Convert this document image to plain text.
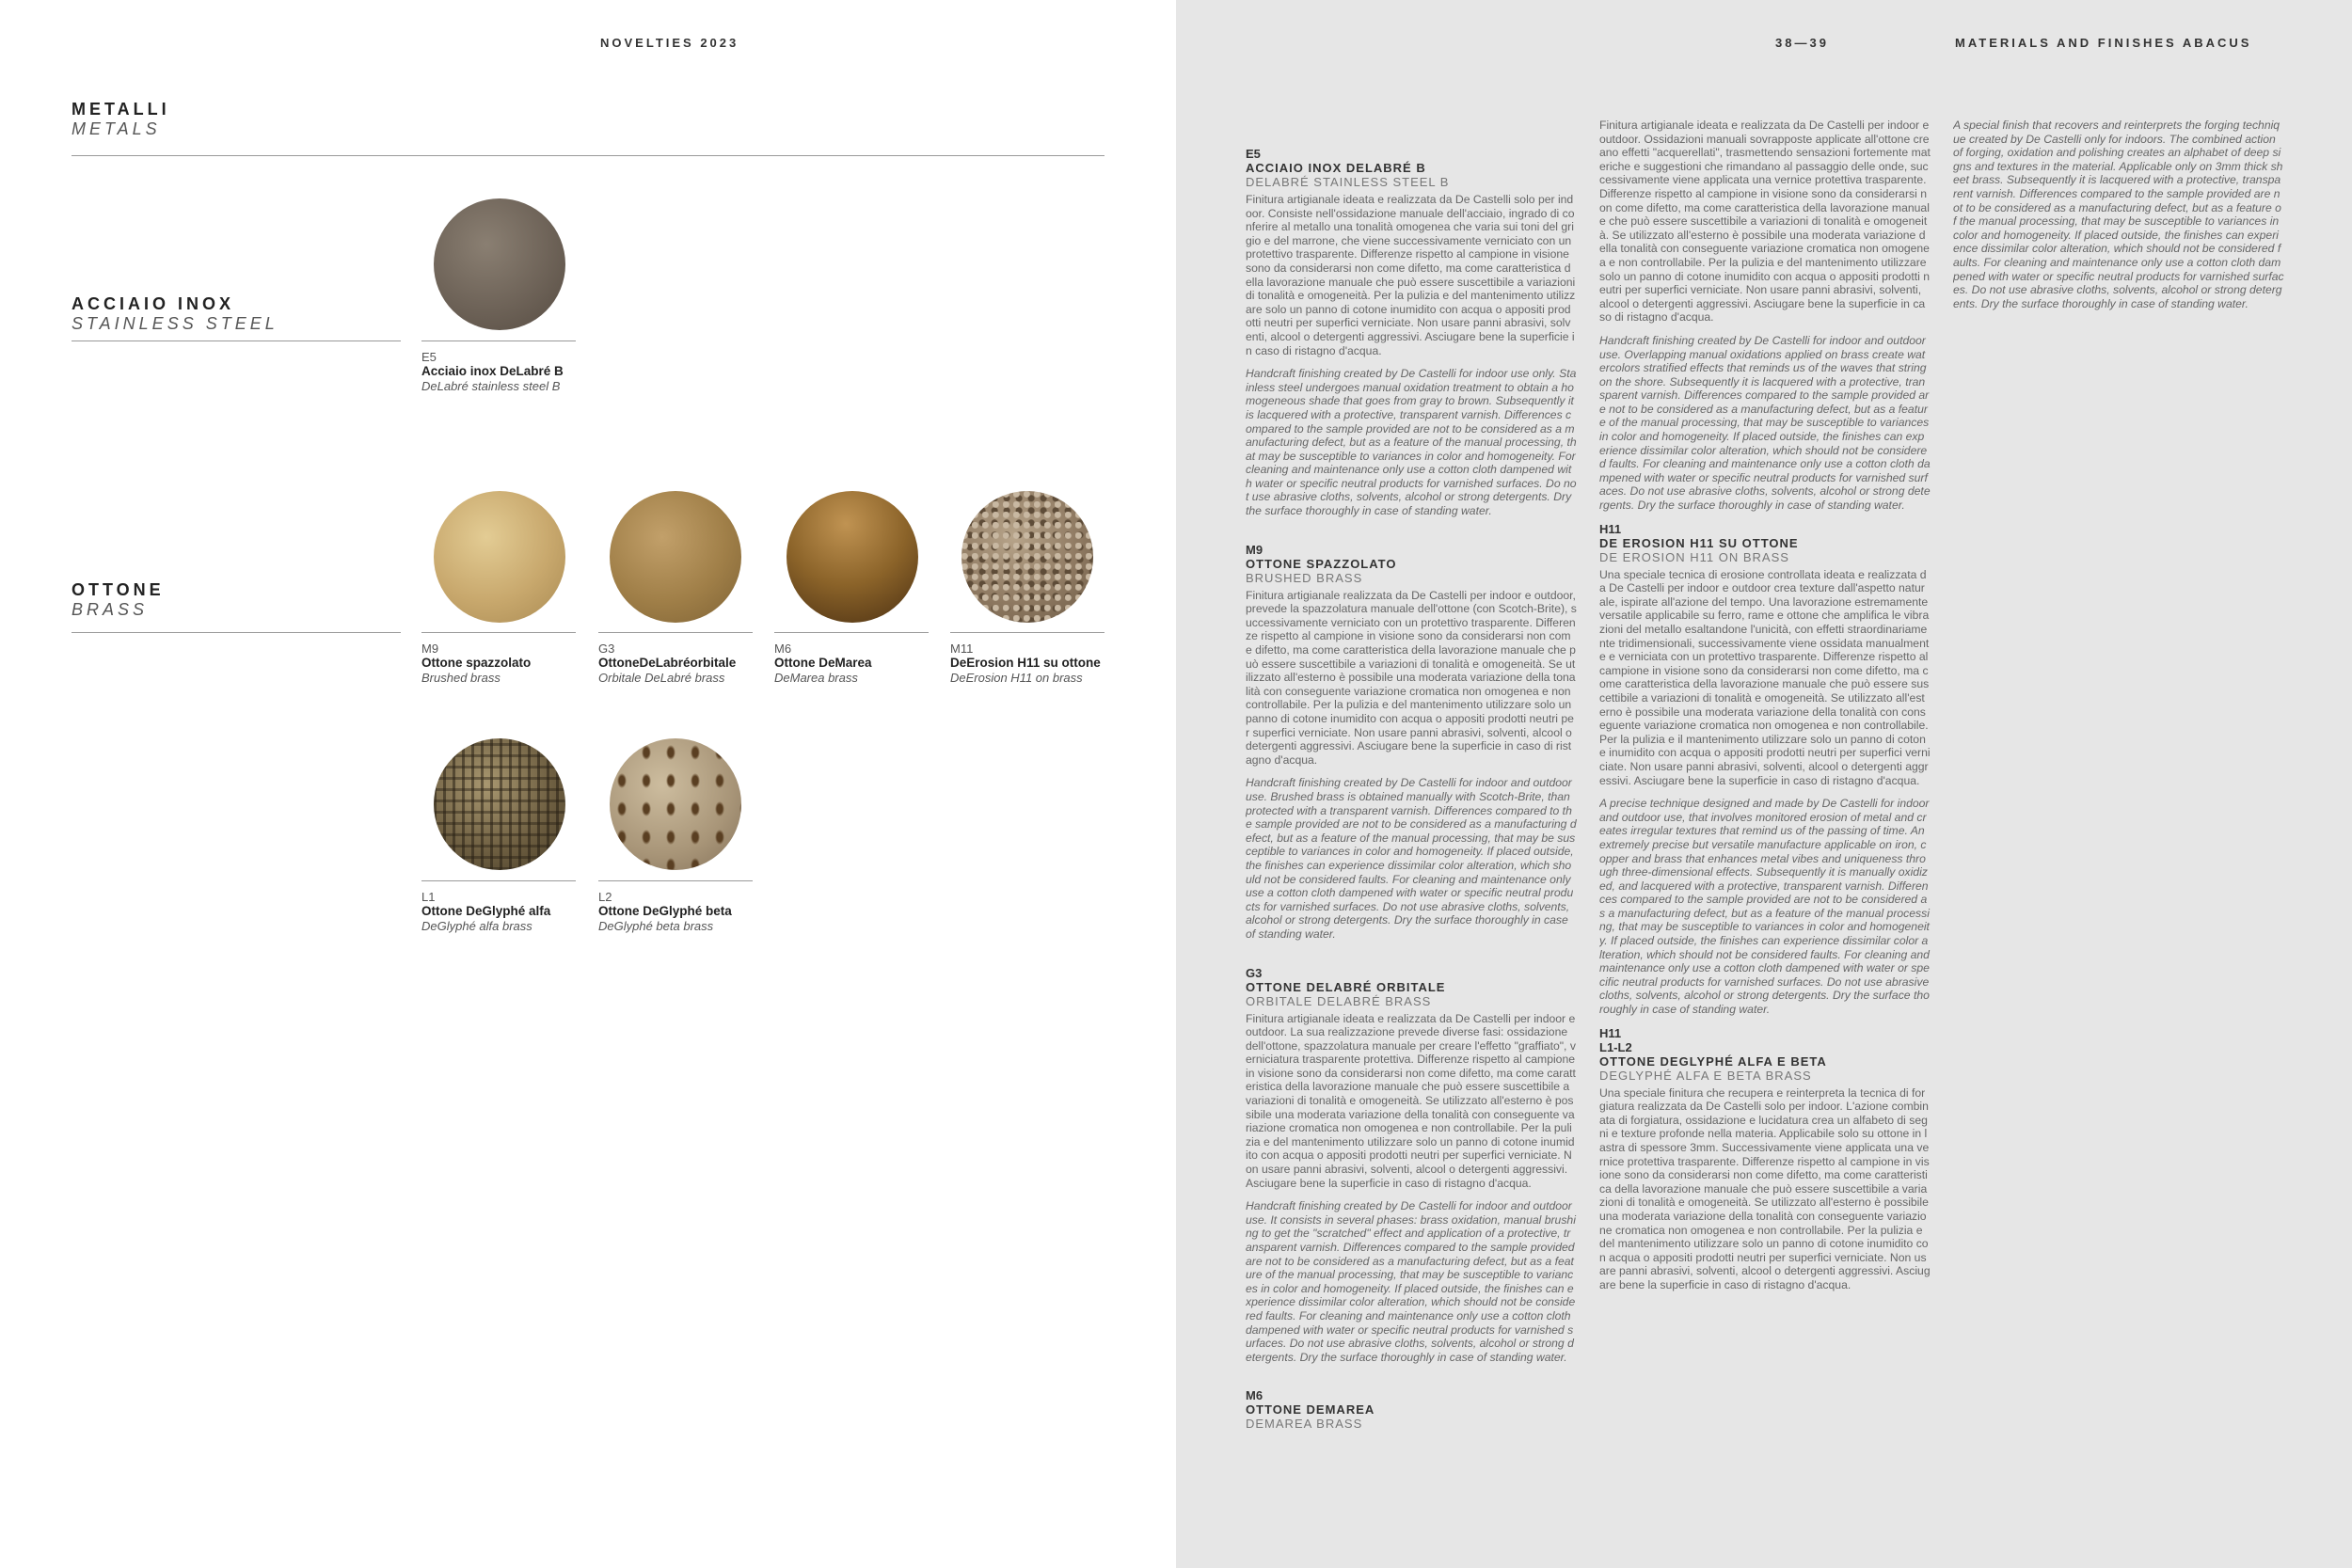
NOVELTIES 2023
METALLI
METALS
ACCIAIO INOX
STAINLESS STEEL
E5
Acciaio inox DeLabré B
DeLabré stainless steel B
OTTONE
BRASS
M9
Ottone spazzolato
Brushed brass
G3
OttoneDeLabréorbitale
Orbitale DeLabré brass
M6
Ottone DeMarea
DeMarea brass
M11
DeErosion H11 su ottone
DeErosion H11 on brass
L1
Ottone DeGlyphé alfa
DeGlyphé alfa brass
L2
Ottone DeGlyphé beta
DeGlyphé beta brass
38—39	MATERIALS AND FINISHES ABACUS
E5
ACCIAIO INOX DELABRÉ B
DELABRÉ STAINLESS STEEL B

Finitura artigianale ideata e realizzata da De Castelli solo per indoor. Consiste nell'ossidazione manuale dell'acciaio, ingrado di conferire al metallo una tonalità omogenea che varia sui toni del grigio e del marrone, che viene successivamente verniciato con un protettivo trasparente. Differenze rispetto al campione in visione sono da considerarsi non come difetto, ma come caratteristica della lavorazione manuale che può essere suscettibile a variazioni di tonalità e omogeneità. Per la pulizia e del mantenimento utilizzare solo un panno di cotone inumidito con acqua o appositi prodotti neutri per superfici verniciate. Non usare panni abrasivi, solventi, alcool o detergenti aggressivi. Asciugare bene la superficie in caso di ristagno d'acqua.

Handcraft finishing created by De Castelli for indoor use only. Stainless steel undergoes manual oxidation treatment to obtain a homogeneous shade that goes from gray to brown. Subsequently it is lacquered with a protective, transparent varnish. Differences compared to the sample provided are not to be considered as a manufacturing defect, but as a feature of the manual processing, that may be susceptible to variances in color and homogeneity. For cleaning and maintenance only use a cotton cloth dampened with water or specific neutral products for varnished surfaces. Do not use abrasive cloths, solvents, alcohol or strong detergents. Dry the surface thoroughly in case of standing water.

M9
OTTONE SPAZZOLATO
BRUSHED BRASS

Finitura artigianale realizzata da De Castelli per indoor e outdoor, prevede la spazzolatura manuale dell'ottone (con Scotch-Brite), successivamente verniciato con un protettivo trasparente. Differenze rispetto al campione in visione sono da considerarsi non come difetto, ma come caratteristica della lavorazione manuale che può essere suscettibile a variazioni di tonalità e omogeneità. Se utilizzato all'esterno è possibile una moderata variazione della tonalità con conseguente variazione cromatica non omogenea e non controllabile. Per la pulizia e del mantenimento utilizzare solo un panno di cotone inumidito con acqua o appositi prodotti neutri per superfici verniciate. Non usare panni abrasivi, solventi, alcool o detergenti aggressivi. Asciugare bene la superficie in caso di ristagno d'acqua.

Handcraft finishing created by De Castelli for indoor and outdoor use. Brushed brass is obtained manually with Scotch-Brite, than protected with a transparent varnish. Differences compared to the sample provided are not to be considered as a manufacturing defect, but as a feature of the manual processing, that may be susceptible to variances in color and homogeneity. If placed outside, the finishes can experience dissimilar color alteration, which should not be considered faults. For cleaning and maintenance only use a cotton cloth dampened with water or specific neutral products for varnished surfaces. Do not use abrasive cloths, solvents, alcohol or strong detergents. Dry the surface thoroughly in case of standing water.

G3
OTTONE DELABRÉ ORBITALE
ORBITALE DELABRÉ BRASS

Finitura artigianale ideata e realizzata da De Castelli per indoor e outdoor. La sua realizzazione prevede diverse fasi: ossidazione dell'ottone, spazzolatura manuale per creare l'effetto "graffiato", verniciatura trasparente protettiva. Differenze rispetto al campione in visione sono da considerarsi non come difetto, ma come caratteristica della lavorazione manuale che può essere suscettibile a variazioni di tonalità e omogeneità. Se utilizzato all'esterno è possibile una moderata variazione della tonalità con conseguente variazione cromatica non omogenea e non controllabile. Per la pulizia e del mantenimento utilizzare solo un panno di cotone inumidito con acqua o appositi prodotti neutri per superfici verniciate. Non usare panni abrasivi, solventi, alcool o detergenti aggressivi. Asciugare bene la superficie in caso di ristagno d'acqua.

Handcraft finishing created by De Castelli for indoor and outdoor use. It consists in several phases: brass oxidation, manual brushing to get the "scratched" effect and application of a protective, transparent varnish. Differences compared to the sample provided are not to be considered as a manufacturing defect, but as a feature of the manual processing, that may be susceptible to variances in color and homogeneity. If placed outside, the finishes can experience dissimilar color alteration, which should not be considered faults. For cleaning and maintenance only use a cotton cloth dampened with water or specific neutral products for varnished surfaces. Do not use abrasive cloths, solvents, alcohol or strong detergents. Dry the surface thoroughly in case of standing water.

M6
OTTONE DEMAREA
DEMAREA BRASS

Finitura artigianale ideata e realizzata da De Castelli per indoor e outdoor. Ossidazioni manuali sovrapposte applicate all'ottone creano effetti "acquerellati", trasmettendo sensazioni fortemente materiche e suggestioni che rimandano al passaggio delle onde, successivamente viene applicata una vernice protettiva trasparente. Differenze rispetto al campione in visione sono da considerarsi non come difetto, ma come caratteristica della lavorazione manuale che può essere suscettibile a variazioni di tonalità e omogeneità. Se utilizzato all'esterno è possibile una moderata variazione della tonalità con conseguente variazione cromatica non omogenea e non controllabile. Per la pulizia e del mantenimento utilizzare solo un panno di cotone inumidito con acqua o appositi prodotti neutri per superfici verniciate. Non usare panni abrasivi, solventi, alcool o detergenti aggressivi. Asciugare bene la superficie in caso di ristagno d'acqua.

Handcraft finishing created by De Castelli for indoor and outdoor use. Overlapping manual oxidations applied on brass create watercolors stratified effects that reminds us of the waves that string on the shore. Subsequently it is lacquered with a protective, transparent varnish. Differences compared to the sample provided are not to be considered as a manufacturing defect, but as a feature of the manual processing, that may be susceptible to variances in color and homogeneity. If placed outside, the finishes can experience dissimilar color alteration, which should not be considered faults. For cleaning and maintenance only use a cotton cloth dampened with water or specific neutral products for varnished surfaces. Do not use abrasive cloths, solvents, alcohol or strong detergents. Dry the surface thoroughly in case of standing water.

H11
DE EROSION H11 SU OTTONE
DE EROSION H11 ON BRASS

Una speciale tecnica di erosione controllata ideata e realizzata da De Castelli per indoor e outdoor crea texture dall'aspetto naturale, ispirate all'azione del tempo. Una lavorazione estremamente versatile applicabile su ferro, rame e ottone che amplifica le vibrazioni del metallo esaltandone l'unicità, con effetti straordinariamente tridimensionali, successivamente viene ossidata manualmente e verniciata con un protettivo trasparente. Differenze rispetto al campione in visione sono da considerarsi non come difetto, ma come caratteristica della lavorazione manuale che può essere suscettibile a variazioni di tonalità e omogeneità. Se utilizzato all'esterno è possibile una moderata variazione della tonalità con conseguente variazione cromatica non omogenea e non controllabile. Per la pulizia e il mantenimento utilizzare solo un panno di cotone inumidito con acqua o appositi prodotti neutri per superfici verniciate. Non usare panni abrasivi, solventi, alcool o detergenti aggressivi. Asciugare bene la superficie in caso di ristagno d'acqua.

A precise technique designed and made by De Castelli for indoor and outdoor use, that involves monitored erosion of metal and creates irregular textures that remind us of the passing of time. An extremely precise but versatile manufacture applicable on iron, copper and brass that enhances metal vibes and uniqueness through three-dimensional effects. Subsequently it is manually oxidized, and lacquered with a protective, transparent varnish. Differences compared to the sample provided are not to be considered as a manufacturing defect, but as a feature of the manual processing, that may be susceptible to variances in color and homogeneity. If placed outside, the finishes can experience dissimilar color alteration, which should not be considered faults. For cleaning and maintenance only use a cotton cloth dampened with water or specific neutral products for varnished surfaces. Do not use abrasive cloths, solvents, alcohol or strong detergents. Dry the surface thoroughly in case of standing water.

H11
L1-L2
OTTONE DEGLYPHÉ ALFA E BETA
DEGLYPHÉ ALFA E BETA BRASS

Una speciale finitura che recupera e reinterpreta la tecnica di forgiatura realizzata da De Castelli solo per indoor. L'azione combinata di forgiatura, ossidazione e lucidatura crea un alfabeto di segni e texture profonde nella materia. Applicabile solo su ottone in lastra di spessore 3mm. Successivamente viene applicata una vernice protettiva trasparente. Differenze rispetto al campione in visione sono da considerarsi non come difetto, ma come caratteristica della lavorazione manuale che può essere suscettibile a variazioni di tonalità e omogeneità. Se utilizzato all'esterno è possibile una moderata variazione della tonalità con conseguente variazione cromatica non omogenea e non controllabile. Per la pulizia e del mantenimento utilizzare solo un panno di cotone inumidito con acqua o appositi prodotti neutri per superfici verniciate. Non usare panni abrasivi, solventi, alcool o detergenti aggressivi. Asciugare bene la superficie in caso di ristagno d'acqua.

A special finish that recovers and reinterprets the forging technique created by De Castelli only for indoors. The combined action of forging, oxidation and polishing creates an alphabet of deep signs and textures in the material. Applicable only on 3mm thick sheet brass. Subsequently it is lacquered with a protective, transparent varnish. Differences compared to the sample provided are not to be considered as a manufacturing defect, but as a feature of the manual processing, that may be susceptible to variances in color and homogeneity. If placed outside, the finishes can experience dissimilar color alteration, which should not be considered faults. For cleaning and maintenance only use a cotton cloth dampened with water or specific neutral products for varnished surfaces. Do not use abrasive cloths, solvents, alcohol or strong detergents. Dry the surface thoroughly in case of standing water.
